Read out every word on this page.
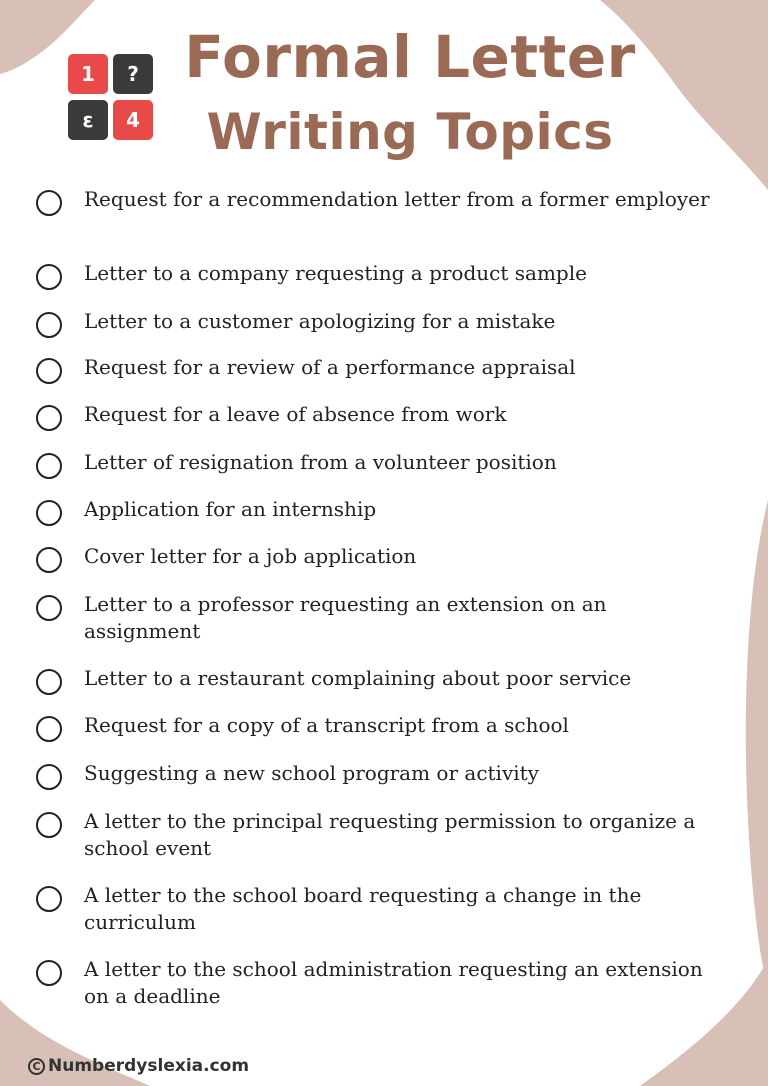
1	?
ε	4
Formal Letter
Writing Topics
Request for a recommendation letter from a former employer
Letter to a company requesting a product sample
Letter to a customer apologizing for a mistake
Request for a review of a performance appraisal
Request for a leave of absence from work
Letter of resignation from a volunteer position
Application for an internship
Cover letter for a job application
Letter to a professor requesting an extension on an assignment
Letter to a restaurant complaining about poor service
Request for a copy of a transcript from a school
Suggesting a new school program or activity
A letter to the principal requesting permission to organize a school event
A letter to the school board requesting a change in the curriculum
A letter to the school administration requesting an extension on a deadline
C Numberdyslexia.com
